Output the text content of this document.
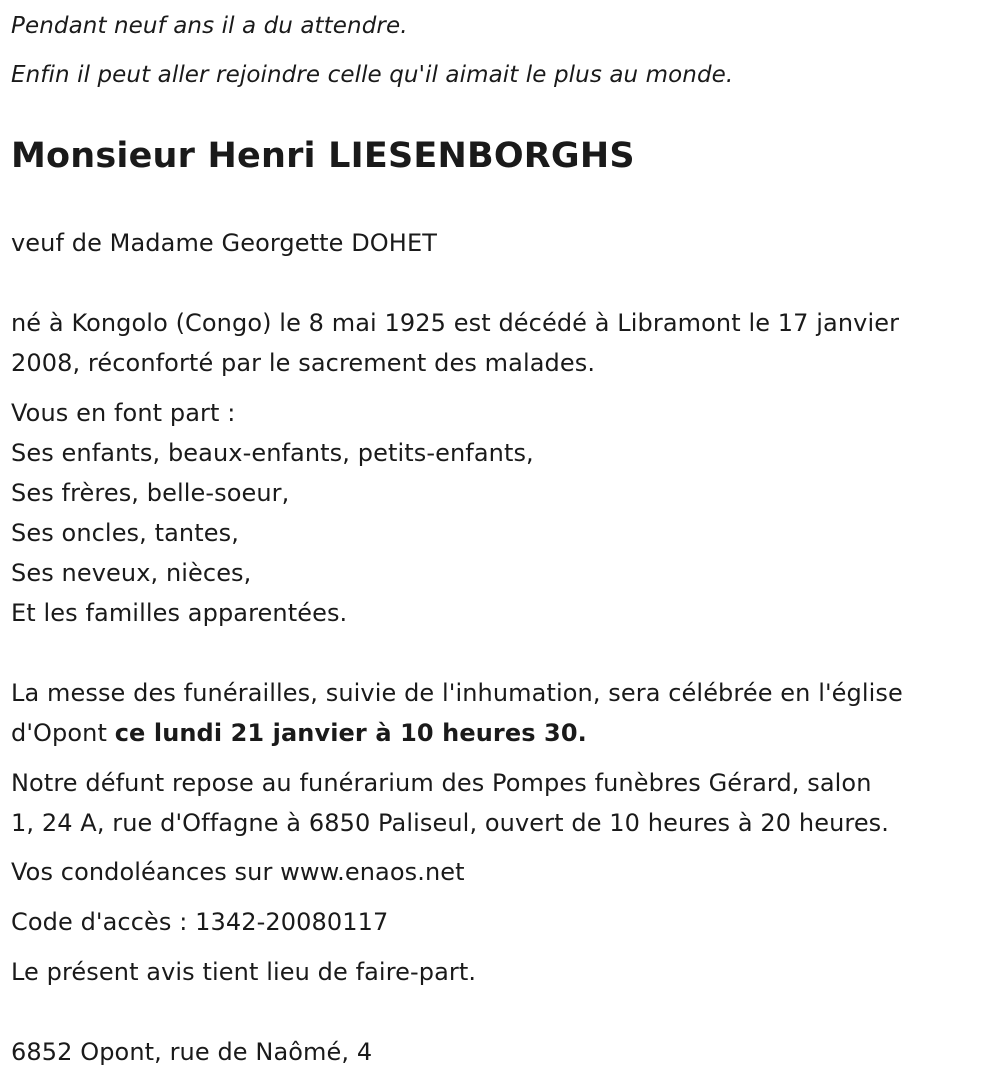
Pendant neuf ans il a du attendre.

Enfin il peut aller rejoindre celle qu'il aimait le plus au monde.

Monsieur Henri LIESENBORGHS

veuf de Madame Georgette DOHET

né à Kongolo (Congo) le 8 mai 1925 est décédé à Libramont le 17 janvier

2008, réconforté par le sacrement des malades.

Vous en font part :

Ses enfants, beaux-enfants, petits-enfants,

Ses frères, belle-soeur,

Ses oncles, tantes,

Ses neveux, nièces,

Et les familles apparentées.

La messe des funérailles, suivie de l'inhumation, sera célébrée en l'église

d'Opont ce lundi 21 janvier à 10 heures 30.

Notre défunt repose au funérarium des Pompes funèbres Gérard, salon

1, 24 A, rue d'Offagne à 6850 Paliseul, ouvert de 10 heures à 20 heures.

Vos condoléances sur www.enaos.net

Code d'accès : 1342-20080117

Le présent avis tient lieu de faire-part.

6852 Opont, rue de Naômé, 4
